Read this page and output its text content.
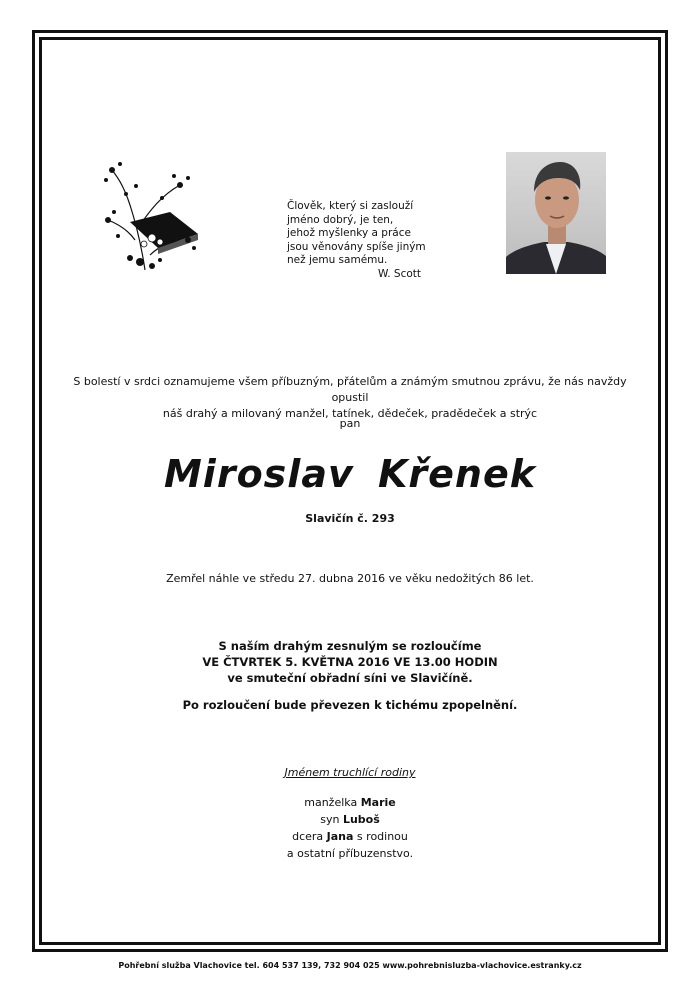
Člověk, který si zaslouží
jméno dobrý, je ten,
jehož myšlenky a práce
jsou věnovány spíše jiným
než jemu samému.
W. Scott
S bolestí v srdci oznamujeme všem příbuzným, přátelům a známým smutnou zprávu, že nás navždy opustil
náš drahý a milovaný manžel, tatínek, dědeček, pradědeček a strýc
pan
Miroslav Křenek
Slavičín č. 293
Zemřel náhle ve středu 27. dubna 2016 ve věku nedožitých 86 let.
S naším drahým zesnulým se rozloučíme
VE ČTVRTEK 5. KVĚTNA 2016 VE 13.00 HODIN
ve smuteční obřadní síni ve Slavičíně.
Po rozloučení bude převezen k tichému zpopelnění.
Jménem truchlící rodiny
manželka Marie
syn Luboš
dcera Jana s rodinou
a ostatní příbuzenstvo.
Pohřební služba Vlachovice tel. 604 537 139, 732 904 025 www.pohrebnisluzba-vlachovice.estranky.cz
